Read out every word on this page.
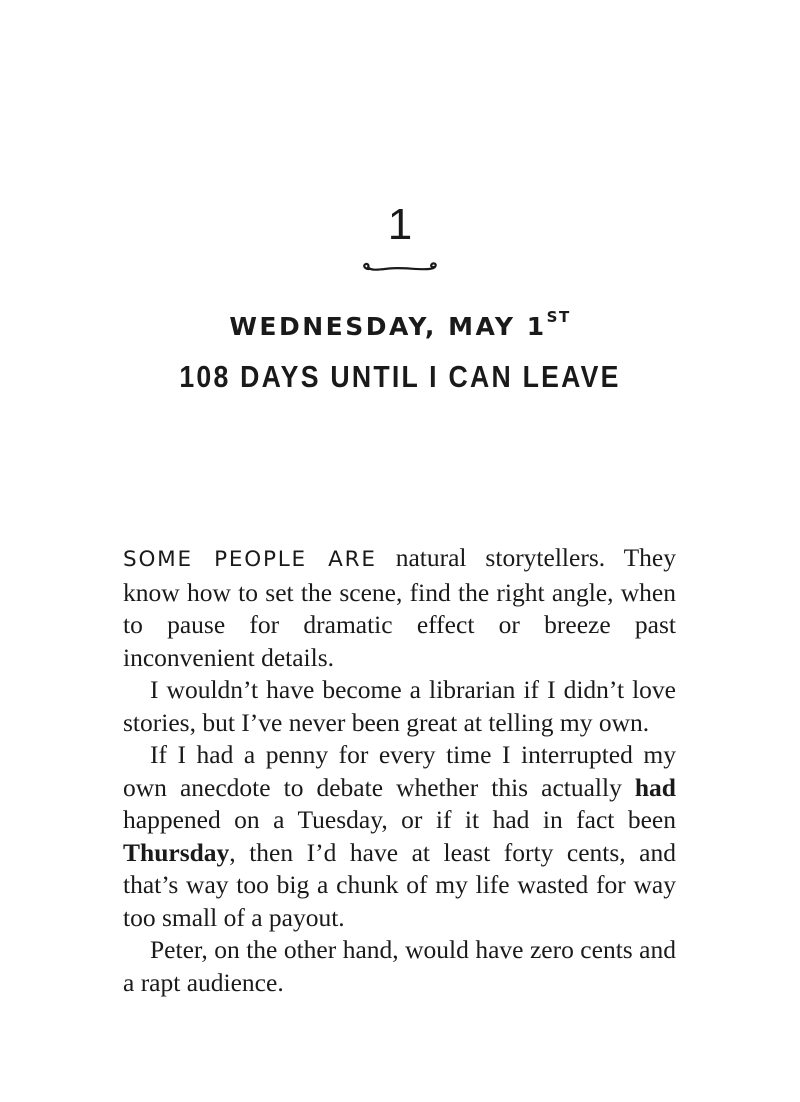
1
WEDNESDAY, MAY 1ST
108 DAYS UNTIL I CAN LEAVE

SOME PEOPLE ARE natural storytellers. They know how to set the scene, find the right angle, when to pause for dramatic effect or breeze past inconvenient details.

I wouldn’t have become a librarian if I didn’t love stories, but I’ve never been great at telling my own.

If I had a penny for every time I interrupted my own anecdote to debate whether this actually had happened on a Tuesday, or if it had in fact been Thursday, then I’d have at least forty cents, and that’s way too big a chunk of my life wasted for way too small of a payout.

Peter, on the other hand, would have zero cents and a rapt audience.
